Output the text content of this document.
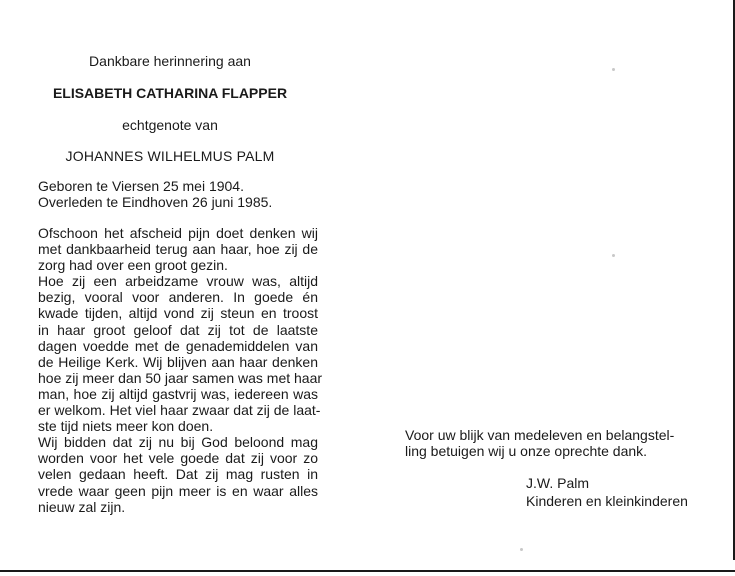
Dankbare herinnering aan
ELISABETH CATHARINA FLAPPER
echtgenote van
JOHANNES WILHELMUS PALM
Geboren te Viersen 25 mei 1904.
Overleden te Eindhoven 26 juni 1985.
Ofschoon het afscheid pijn doet denken wij
met dankbaarheid terug aan haar, hoe zij de
zorg had over een groot gezin.
Hoe zij een arbeidzame vrouw was, altijd
bezig, vooral voor anderen. In goede én
kwade tijden, altijd vond zij steun en troost
in haar groot geloof dat zij tot de laatste
dagen voedde met de genademiddelen van
de Heilige Kerk. Wij blijven aan haar denken
hoe zij meer dan 50 jaar samen was met haar
man, hoe zij altijd gastvrij was, iedereen was
er welkom. Het viel haar zwaar dat zij de laat-
ste tijd niets meer kon doen.
Wij bidden dat zij nu bij God beloond mag
worden voor het vele goede dat zij voor zo
velen gedaan heeft. Dat zij mag rusten in
vrede waar geen pijn meer is en waar alles
nieuw zal zijn.
Voor uw blijk van medeleven en belangstel-
ling betuigen wij u onze oprechte dank.
J.W. Palm
Kinderen en kleinkinderen
